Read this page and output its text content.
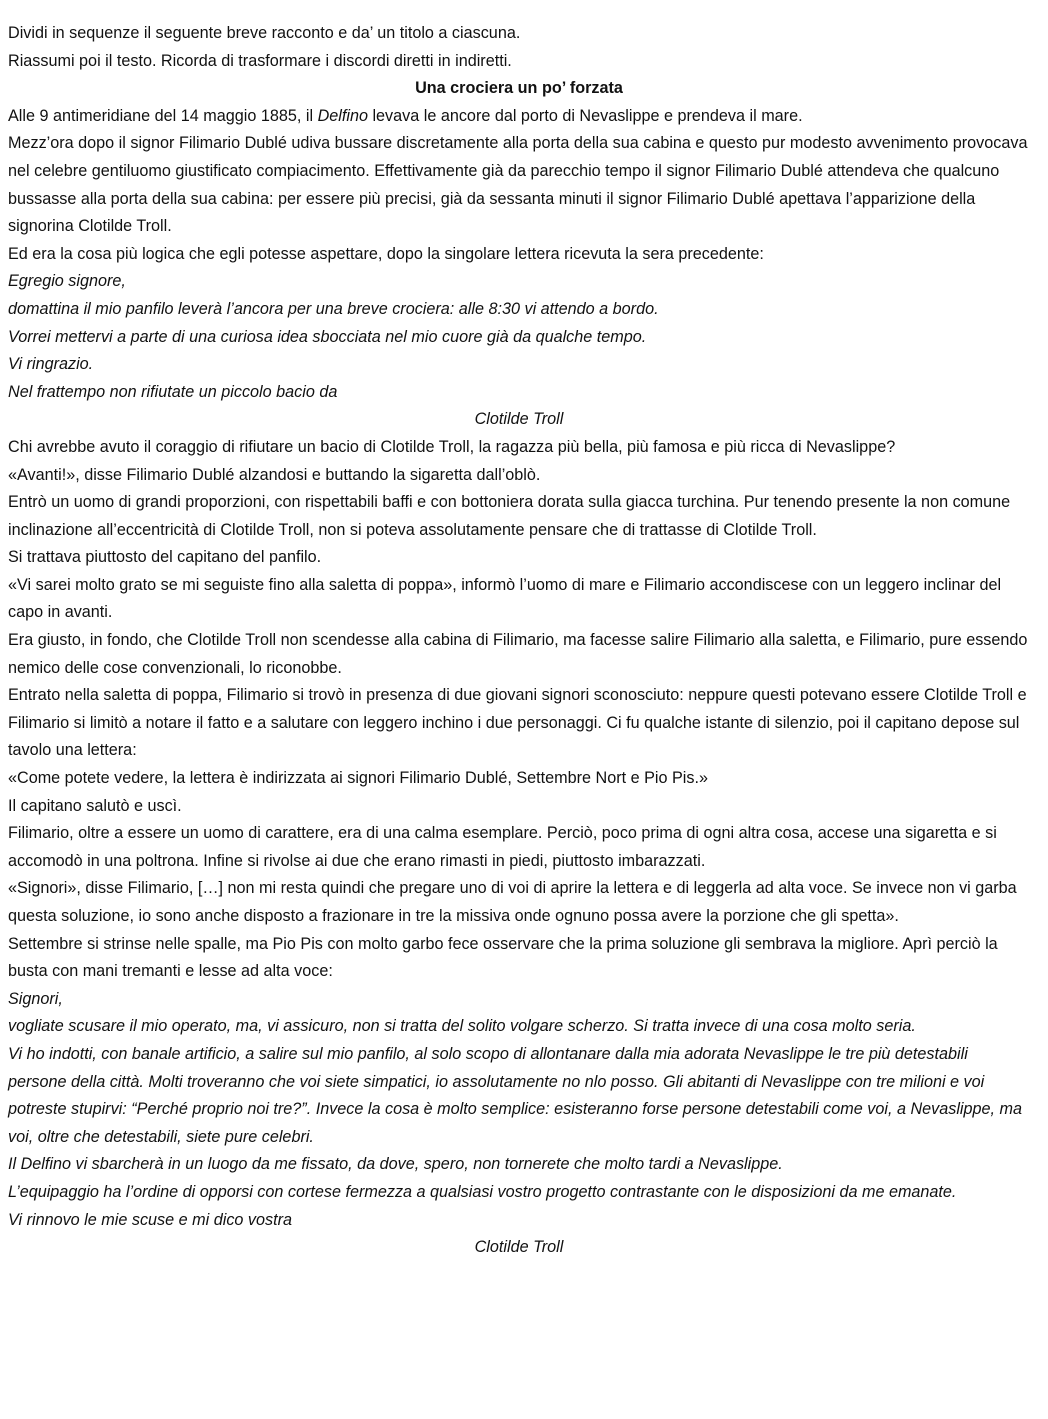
Dividi in sequenze il seguente breve racconto e da’ un titolo a ciascuna.

Riassumi poi il testo. Ricorda di trasformare i discordi diretti in indiretti.

Una crociera un po’ forzata

Alle 9 antimeridiane del 14 maggio 1885, il Delfino levava le ancore dal porto di Nevaslippe e prendeva il mare.

Mezz’ora dopo il signor Filimario Dublé udiva bussare discretamente alla porta della sua cabina e questo pur modesto avvenimento provocava nel celebre gentiluomo giustificato compiacimento. Effettivamente già da parecchio tempo il signor Filimario Dublé attendeva che qualcuno bussasse alla porta della sua cabina: per essere più precisi, già da sessanta minuti il signor Filimario Dublé apettava l’apparizione della signorina Clotilde Troll.

Ed era la cosa più logica che egli potesse aspettare, dopo la singolare lettera ricevuta la sera precedente:

Egregio signore,

domattina il mio panfilo leverà l’ancora per una breve crociera: alle 8:30 vi attendo a bordo.

Vorrei mettervi a parte di una curiosa idea sbocciata nel mio cuore già da qualche tempo.

Vi ringrazio.

Nel frattempo non rifiutate un piccolo bacio da

Clotilde Troll

Chi avrebbe avuto il coraggio di rifiutare un bacio di Clotilde Troll, la ragazza più bella, più famosa e più ricca di Nevaslippe?

«Avanti!», disse Filimario Dublé alzandosi e buttando la sigaretta dall’oblò.

Entrò un uomo di grandi proporzioni, con rispettabili baffi e con bottoniera dorata sulla giacca turchina. Pur tenendo presente la non comune inclinazione all’eccentricità di Clotilde Troll, non si poteva assolutamente pensare che di trattasse di Clotilde Troll.

Si trattava piuttosto del capitano del panfilo.

«Vi sarei molto grato se mi seguiste fino alla saletta di poppa», informò l’uomo di mare e Filimario accondiscese con un leggero inclinar del capo in avanti.

Era giusto, in fondo, che Clotilde Troll non scendesse alla cabina di Filimario, ma facesse salire Filimario alla saletta, e Filimario, pure essendo nemico delle cose convenzionali, lo riconobbe.

Entrato nella saletta di poppa, Filimario si trovò in presenza di due giovani signori sconosciuto: neppure questi potevano essere Clotilde Troll e Filimario si limitò a notare il fatto e a salutare con leggero inchino i due personaggi. Ci fu qualche istante di silenzio, poi il capitano depose sul tavolo una lettera:

«Come potete vedere, la lettera è indirizzata ai signori Filimario Dublé, Settembre Nort e Pio Pis.»

Il capitano salutò e uscì.

Filimario, oltre a essere un uomo di carattere, era di una calma esemplare. Perciò, poco prima di ogni altra cosa, accese una sigaretta e si accomodò in una poltrona. Infine si rivolse ai due che erano rimasti in piedi, piuttosto imbarazzati.

«Signori», disse Filimario, […] non mi resta quindi che pregare uno di voi di aprire la lettera e di leggerla ad alta voce. Se invece non vi garba questa soluzione, io sono anche disposto a frazionare in tre la missiva onde ognuno possa avere la porzione che gli spetta».

Settembre si strinse nelle spalle, ma Pio Pis con molto garbo fece osservare che la prima soluzione gli sembrava la migliore. Aprì perciò la busta con mani tremanti e lesse ad alta voce:

Signori,

vogliate scusare il mio operato, ma, vi assicuro, non si tratta del solito volgare scherzo. Si tratta invece di una cosa molto seria.

Vi ho indotti, con banale artificio, a salire sul mio panfilo, al solo scopo di allontanare dalla mia adorata Nevaslippe le tre più detestabili persone della città. Molti troveranno che voi siete simpatici, io assolutamente no nlo posso. Gli abitanti di Nevaslippe con tre milioni e voi potreste stupirvi: “Perché proprio noi tre?”. Invece la cosa è molto semplice: esisteranno forse persone detestabili come voi, a Nevaslippe, ma voi, oltre che detestabili, siete pure celebri.

Il Delfino vi sbarcherà in un luogo da me fissato, da dove, spero, non tornerete che molto tardi a Nevaslippe.

L’equipaggio ha l’ordine di opporsi con cortese fermezza a qualsiasi vostro progetto contrastante con le disposizioni da me emanate.

Vi rinnovo le mie scuse e mi dico vostra

Clotilde Troll
